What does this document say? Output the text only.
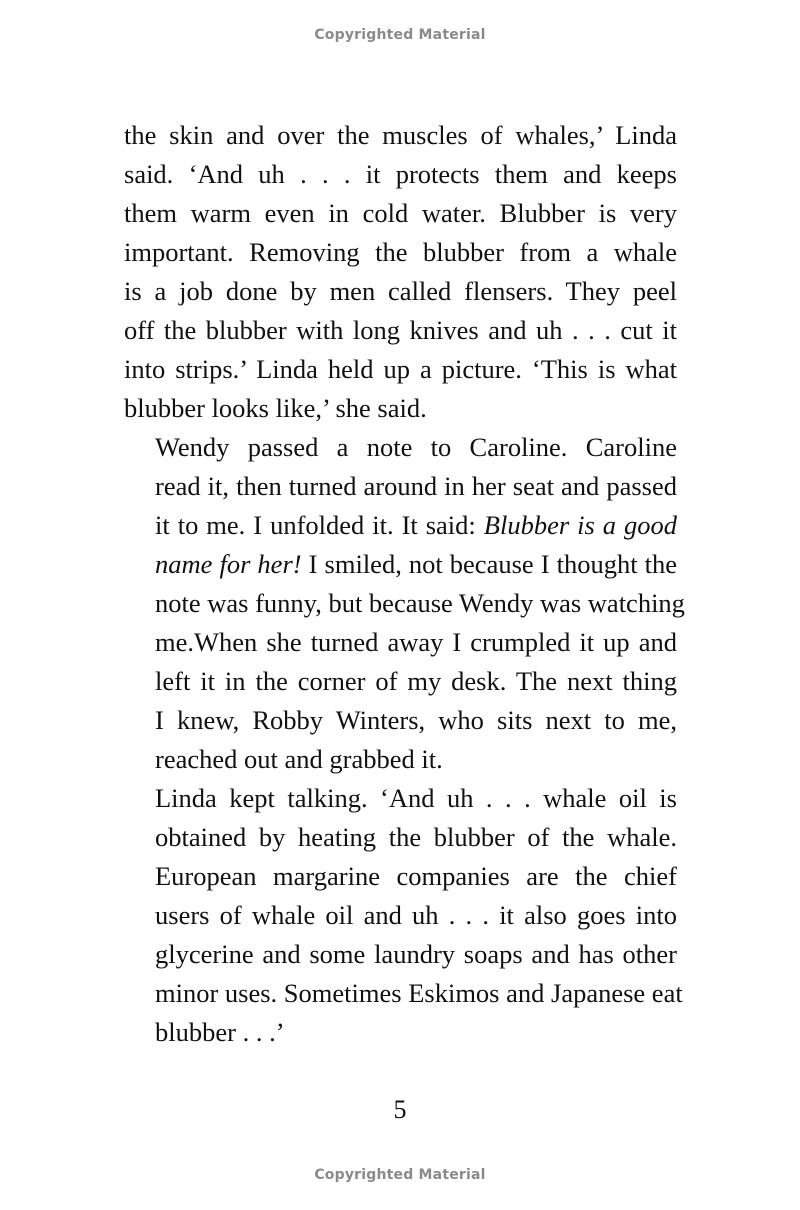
Copyrighted Material

the skin and over the muscles of whales,’ Linda
said. ‘And uh . . . it protects them and keeps
them warm even in cold water. Blubber is very
important. Removing the blubber from a whale
is a job done by men called flensers. They peel
off the blubber with long knives and uh . . . cut it
into strips.’ Linda held up a picture. ‘This is what
blubber looks like,’ she said.

Wendy passed a note to Caroline. Caroline
read it, then turned around in her seat and passed
it to me. I unfolded it. It said: Blubber is a good
name for her! I smiled, not because I thought the
note was funny, but because Wendy was watching
me.When she turned away I crumpled it up and
left it in the corner of my desk. The next thing
I knew, Robby Winters, who sits next to me,
reached out and grabbed it.

Linda kept talking. ‘And uh . . . whale oil is
obtained by heating the blubber of the whale.
European margarine companies are the chief
users of whale oil and uh . . . it also goes into
glycerine and some laundry soaps and has other
minor uses. Sometimes Eskimos and Japanese eat
blubber . . .’

5
Copyrighted Material
